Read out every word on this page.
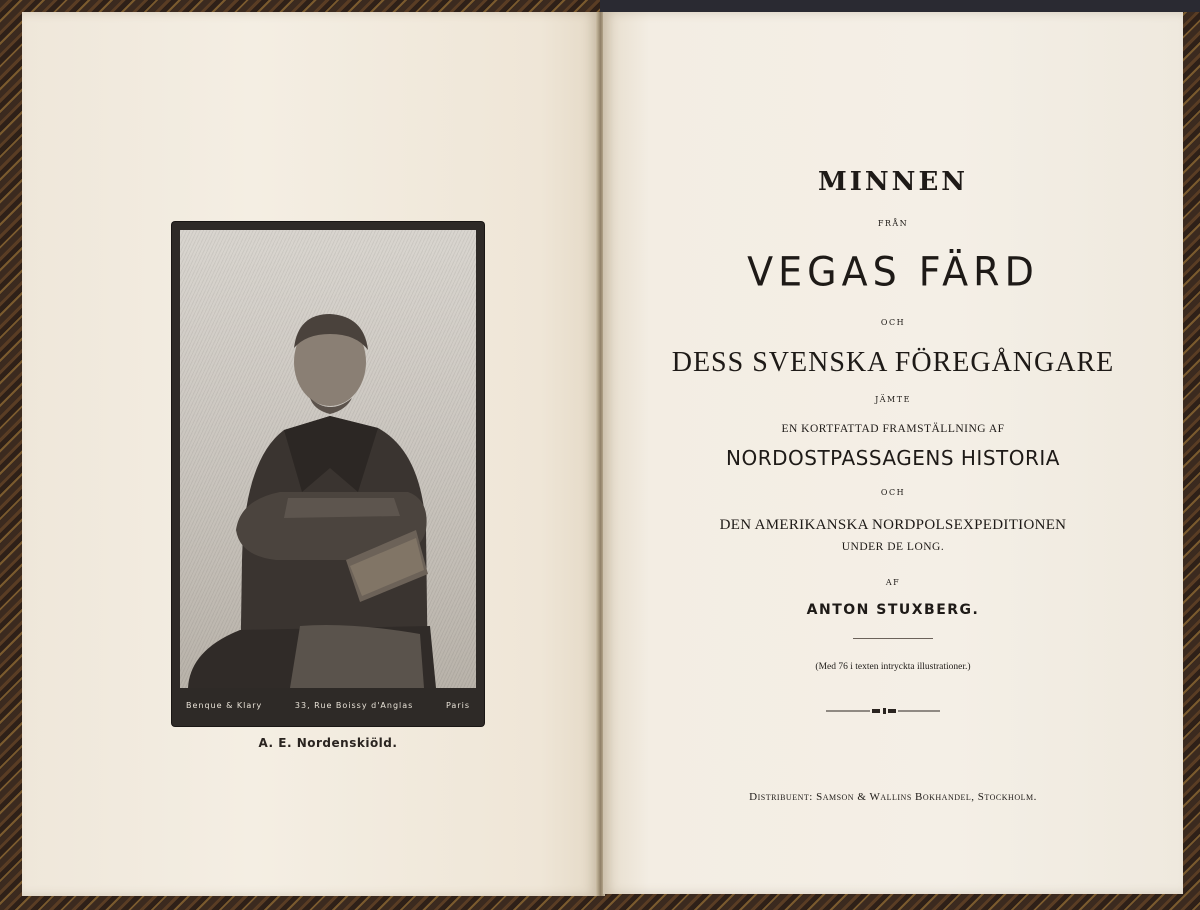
Benque & Klary	33, Rue Boissy d'Anglas	Paris
A. E. Nordenskiöld.
MINNEN
FRÅN
VEGAS FÄRD
OCH
DESS SVENSKA FÖREGÅNGARE
JÄMTE
EN KORTFATTAD FRAMSTÄLLNING AF
NORDOSTPASSAGENS HISTORIA
OCH
DEN AMERIKANSKA NORDPOLSEXPEDITIONEN
UNDER DE LONG.
AF
ANTON STUXBERG.
(Med 76 i texten intryckta illustrationer.)
Distribuent: Samson & Wallins Bokhandel, Stockholm.
